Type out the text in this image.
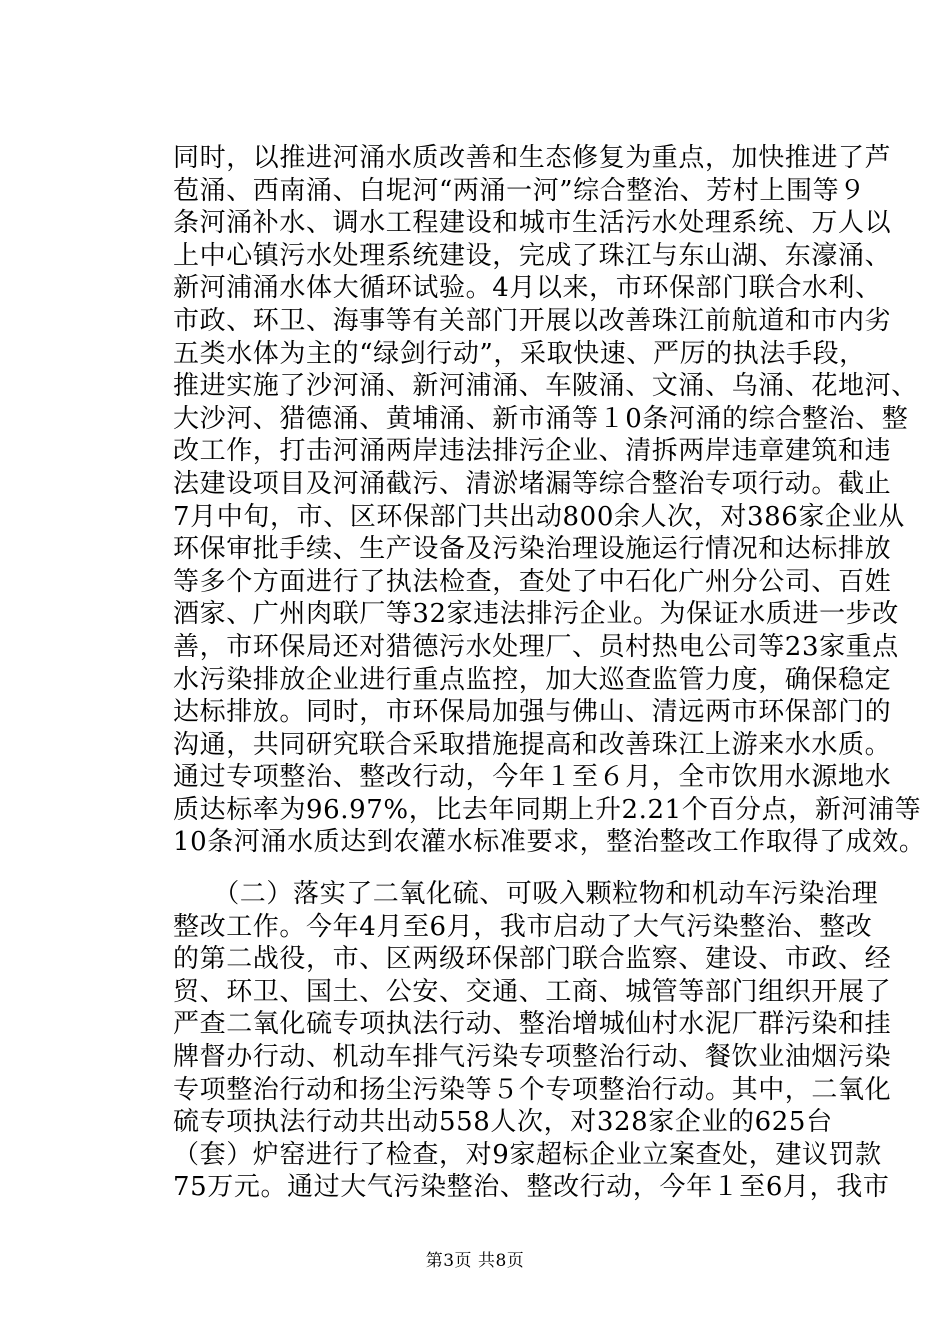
同时，以推进河涌水质改善和生态修复为重点，加快推进了芦
苞涌、西南涌、白坭河“两涌一河”综合整治、芳村上围等９
条河涌补水、调水工程建设和城市生活污水处理系统、万人以
上中心镇污水处理系统建设，完成了珠江与东山湖、东濠涌、
新河浦涌水体大循环试验。4月以来，市环保部门联合水利、
市政、环卫、海事等有关部门开展以改善珠江前航道和市内劣
五类水体为主的“绿剑行动”，采取快速、严厉的执法手段，
推进实施了沙河涌、新河浦涌、车陂涌、文涌、乌涌、花地河、
大沙河、猎德涌、黄埔涌、新市涌等１0条河涌的综合整治、整
改工作，打击河涌两岸违法排污企业、清拆两岸违章建筑和违
法建设项目及河涌截污、清淤堵漏等综合整治专项行动。截止
7月中旬，市、区环保部门共出动800余人次，对386家企业从
环保审批手续、生产设备及污染治理设施运行情况和达标排放
等多个方面进行了执法检查，查处了中石化广州分公司、百姓
酒家、广州肉联厂等32家违法排污企业。为保证水质进一步改
善，市环保局还对猎德污水处理厂、员村热电公司等23家重点
水污染排放企业进行重点监控，加大巡查监管力度，确保稳定
达标排放。同时，市环保局加强与佛山、清远两市环保部门的
沟通，共同研究联合采取措施提高和改善珠江上游来水水质。
通过专项整治、整改行动，今年１至６月，全市饮用水源地水
质达标率为96.97%，比去年同期上升2.21个百分点，新河浦等
10条河涌水质达到农灌水标准要求，整治整改工作取得了成效。
　　（二）落实了二氧化硫、可吸入颗粒物和机动车污染治理
整改工作。今年4月至6月，我市启动了大气污染整治、整改
的第二战役，市、区两级环保部门联合监察、建设、市政、经
贸、环卫、国土、公安、交通、工商、城管等部门组织开展了
严查二氧化硫专项执法行动、整治增城仙村水泥厂群污染和挂
牌督办行动、机动车排气污染专项整治行动、餐饮业油烟污染
专项整治行动和扬尘污染等５个专项整治行动。其中，二氧化
硫专项执法行动共出动558人次，对328家企业的625台
（套）炉窑进行了检查，对9家超标企业立案查处，建议罚款
75万元。通过大气污染整治、整改行动，今年１至6月，我市
第3页 共8页
